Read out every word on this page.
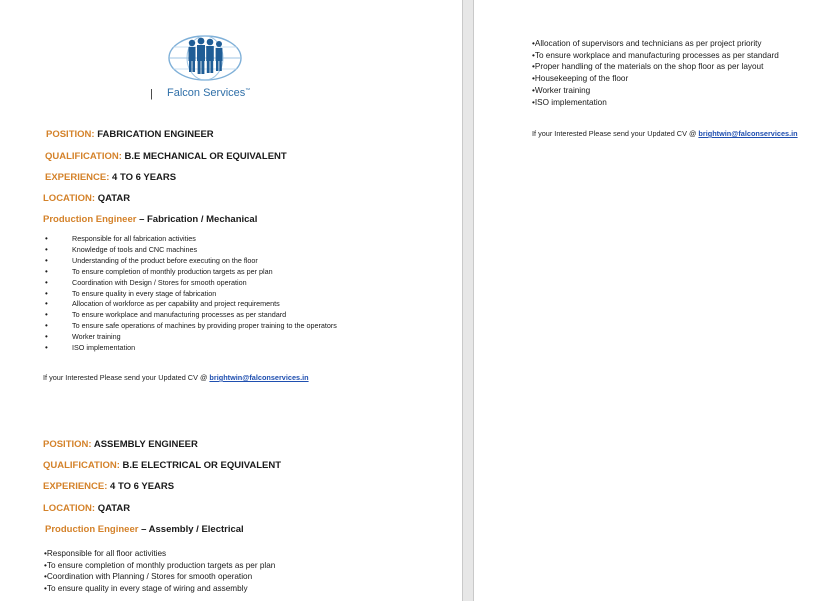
| Falcon Services™
POSITION: FABRICATION ENGINEER
QUALIFICATION: B.E MECHANICAL OR EQUIVALENT
EXPERIENCE: 4 TO 6 YEARS
LOCATION: QATAR
Production Engineer – Fabrication / Mechanical
• Responsible for all fabrication activities
• Knowledge of tools and CNC machines
• Understanding of the product before executing on the floor
• To ensure completion of monthly production targets as per plan
• Coordination with Design / Stores for smooth operation
• To ensure quality in every stage of fabrication
• Allocation of workforce as per capability and project requirements
• To ensure workplace and manufacturing processes as per standard
• To ensure safe operations of machines by providing proper training to the operators
• Worker training
• ISO implementation
If your Interested Please send your Updated CV @ brightwin@falconservices.in
POSITION: ASSEMBLY ENGINEER
QUALIFICATION: B.E ELECTRICAL OR EQUIVALENT
EXPERIENCE: 4 TO 6 YEARS
LOCATION: QATAR
Production Engineer – Assembly / Electrical
• Responsible for all floor activities
• To ensure completion of monthly production targets as per plan
• Coordination with Planning / Stores for smooth operation
• To ensure quality in every stage of wiring and assembly
• Allocation of supervisors and technicians as per project priority
• To ensure workplace and manufacturing processes as per standard
• Proper handling of the materials on the shop floor as per layout
• Housekeeping of the floor
• Worker training
• ISO implementation
If your Interested Please send your Updated CV @ brightwin@falconservices.in
